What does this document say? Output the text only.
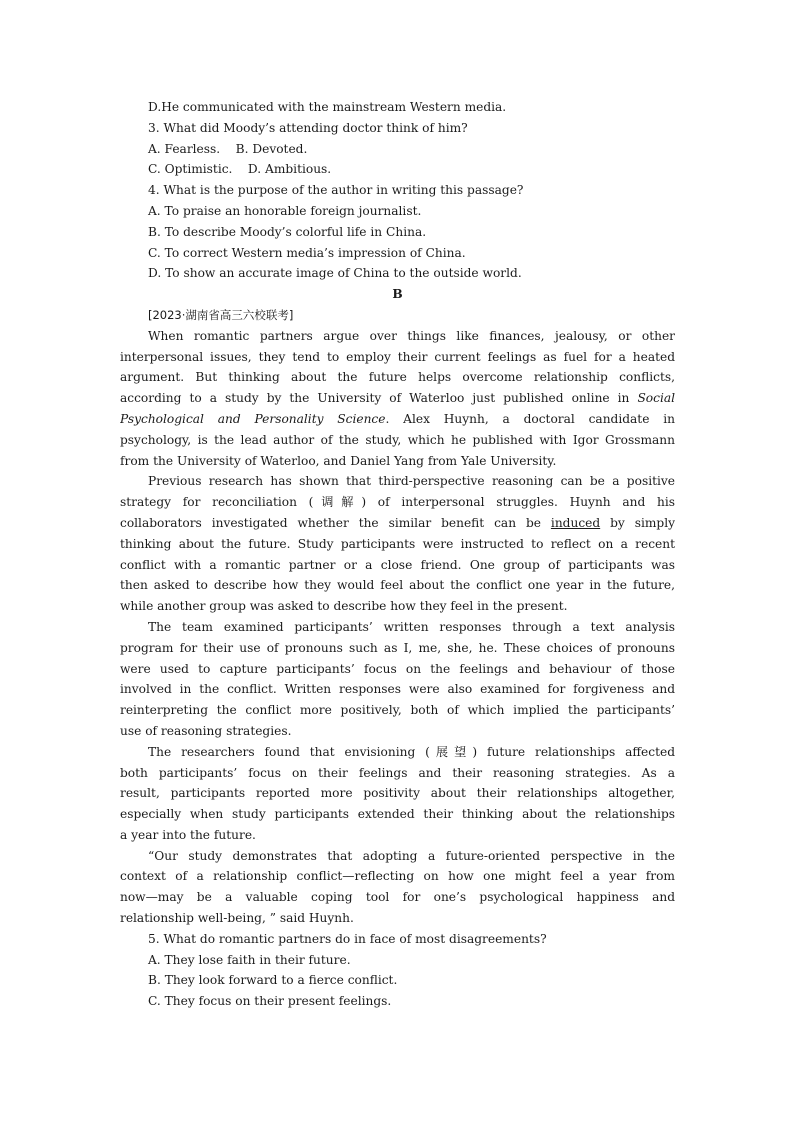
D.He communicated with the mainstream Western media.
3. What did Moody’s attending doctor think of him?
A. Fearless.    B. Devoted.
C. Optimistic.    D. Ambitious.
4. What is the purpose of the author in writing this passage?
A. To praise an honorable foreign journalist.
B. To describe Moody’s colorful life in China.
C. To correct Western media’s impression of China.
D. To show an accurate image of China to the outside world.
B
[2023·湖南省高三六校联考]
When romantic partners argue over things like finances, jealousy, or other
interpersonal issues, they tend to employ their current feelings as fuel for a heated
argument. But thinking about the future helps overcome relationship conflicts,
according to a study by the University of Waterloo just published online in Social
Psychological and Personality Science. Alex Huynh, a doctoral candidate in
psychology, is the lead author of the study, which he published with Igor Grossmann
from the University of Waterloo, and Daniel Yang from Yale University.
Previous research has shown that third-perspective reasoning can be a positive
strategy for reconciliation (调解) of interpersonal struggles. Huynh and his
collaborators investigated whether the similar benefit can be induced by simply
thinking about the future. Study participants were instructed to reflect on a recent
conflict with a romantic partner or a close friend. One group of participants was
then asked to describe how they would feel about the conflict one year in the future,
while another group was asked to describe how they feel in the present.
The team examined participants’ written responses through a text analysis
program for their use of pronouns such as I, me, she, he. These choices of pronouns
were used to capture participants’ focus on the feelings and behaviour of those
involved in the conflict. Written responses were also examined for forgiveness and
reinterpreting the conflict more positively, both of which implied the participants’
use of reasoning strategies.
The researchers found that envisioning (展望) future relationships affected
both participants’ focus on their feelings and their reasoning strategies. As a
result, participants reported more positivity about their relationships altogether,
especially when study participants extended their thinking about the relationships
a year into the future.
“Our study demonstrates that adopting a future-oriented perspective in the
context of a relationship conflict—reflecting on how one might feel a year from
now—may be a valuable coping tool for one’s psychological happiness and
relationship well-being, ” said Huynh.
5. What do romantic partners do in face of most disagreements?
A. They lose faith in their future.
B. They look forward to a fierce conflict.
C. They focus on their present feelings.
